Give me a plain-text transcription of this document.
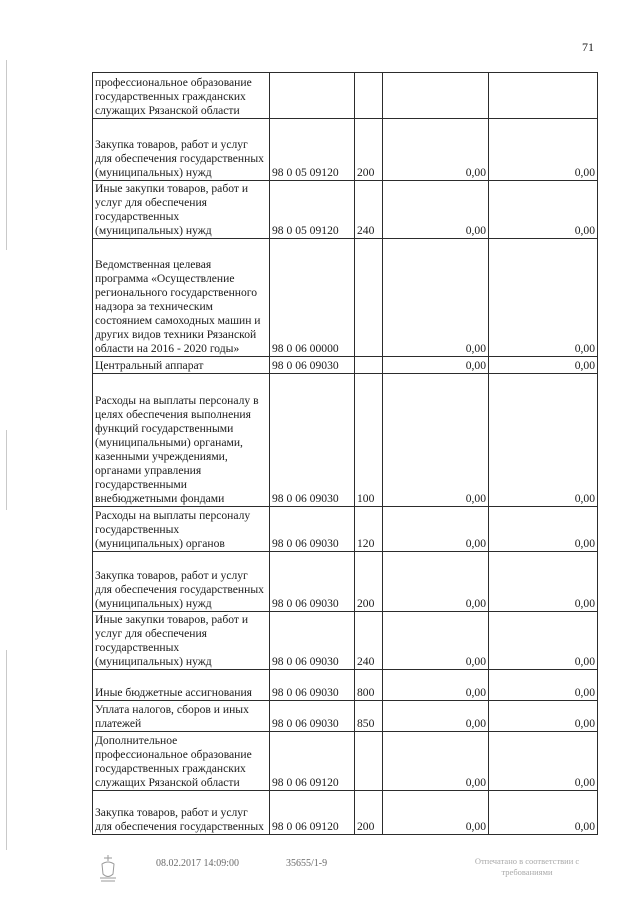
71
профессиональное образование государственных гражданских служащих Рязанской области				
Закупка товаров, работ и услуг для обеспечения государственных (муниципальных) нужд	98 0 05 09120	200	0,00	0,00
Иные закупки товаров, работ и услуг для обеспечения государственных (муниципальных) нужд	98 0 05 09120	240	0,00	0,00
Ведомственная целевая программа «Осуществление регионального государственного надзора за техническим состоянием самоходных машин и других видов техники Рязанской области на 2016 - 2020 годы»	98 0 06 00000		0,00	0,00
Центральный аппарат	98 0 06 09030		0,00	0,00
Расходы на выплаты персоналу в целях обеспечения выполнения функций государственными (муниципальными) органами, казенными учреждениями, органами управления государственными внебюджетными фондами	98 0 06 09030	100	0,00	0,00
Расходы на выплаты персоналу государственных (муниципальных) органов	98 0 06 09030	120	0,00	0,00
Закупка товаров, работ и услуг для обеспечения государственных (муниципальных) нужд	98 0 06 09030	200	0,00	0,00
Иные закупки товаров, работ и услуг для обеспечения государственных (муниципальных) нужд	98 0 06 09030	240	0,00	0,00
Иные бюджетные ассигнования	98 0 06 09030	800	0,00	0,00
Уплата налогов, сборов и иных платежей	98 0 06 09030	850	0,00	0,00
Дополнительное профессиональное образование государственных гражданских служащих Рязанской области	98 0 06 09120		0,00	0,00
Закупка товаров, работ и услуг для обеспечения государственных	98 0 06 09120	200	0,00	0,00
08.02.2017 14:09:00	35655/1-9	Отпечатано в соответствии с требованиями
